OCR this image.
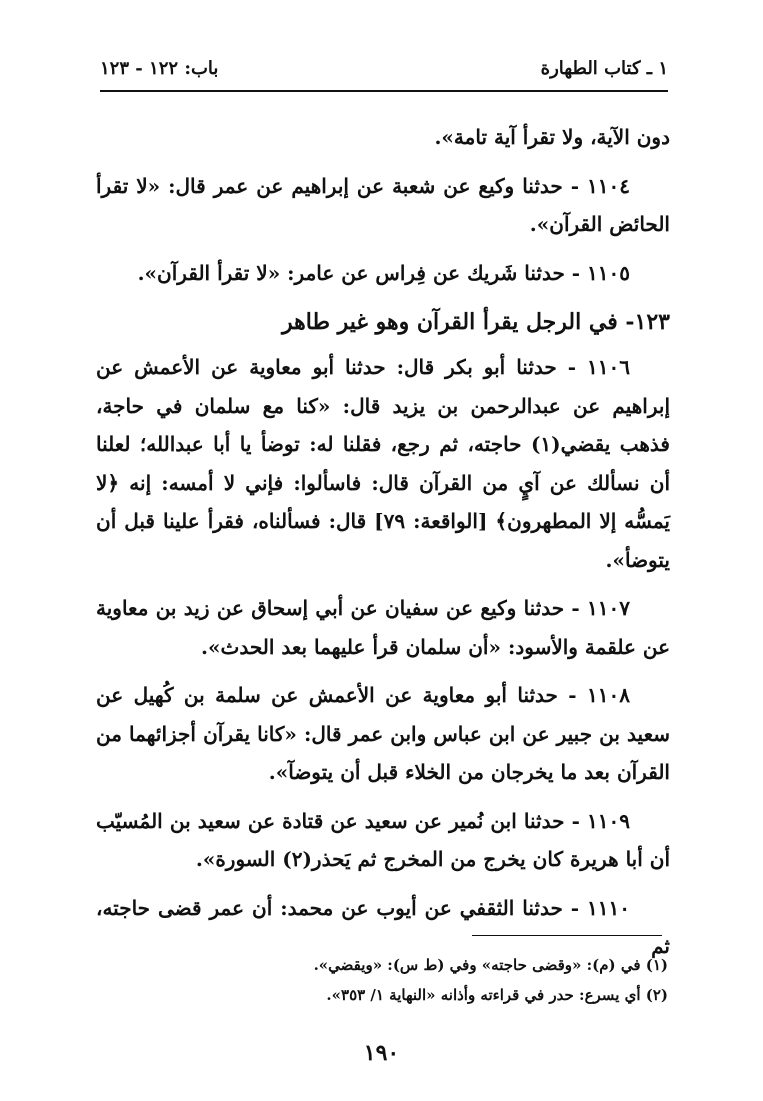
١ ـ كتاب الطهارة
باب: ١٢٢ - ١٢٣

دون الآية، ولا تقرأ آية تامة».

١١٠٤ - حدثنا وكيع عن شعبة عن إبراهيم عن عمر قال: «لا تقرأ الحائض القرآن».

١١٠٥ - حدثنا شَريك عن فِراس عن عامر: «لا تقرأ القرآن».

١٢٣- في الرجل يقرأ القرآن وهو غير طاهر

١١٠٦ - حدثنا أبو بكر قال: حدثنا أبو معاوية عن الأعمش عن إبراهيم عن عبدالرحمن بن يزيد قال: «كنا مع سلمان في حاجة، فذهب يقضي(١) حاجته، ثم رجع، فقلنا له: توضأ يا أبا عبدالله؛ لعلنا أن نسألك عن آيٍ من القرآن قال: فاسألوا: فإني لا أمسه: إنه ﴿لا يَمسُّه إلا المطهرون﴾ [الواقعة: ٧٩] قال: فسألناه، فقرأ علينا قبل أن يتوضأ».

١١٠٧ - حدثنا وكيع عن سفيان عن أبي إسحاق عن زيد بن معاوية عن علقمة والأسود: «أن سلمان قرأ عليهما بعد الحدث».

١١٠٨ - حدثنا أبو معاوية عن الأعمش عن سلمة بن كُهيل عن سعيد بن جبير عن ابن عباس وابن عمر قال: «كانا يقرآن أجزائهما من القرآن بعد ما يخرجان من الخلاء قبل أن يتوضآ».

١١٠٩ - حدثنا ابن نُمير عن سعيد عن قتادة عن سعيد بن المُسيّب أن أبا هريرة كان يخرج من المخرج ثم يَحذر(٢) السورة».

١١١٠ - حدثنا الثقفي عن أيوب عن محمد: أن عمر قضى حاجته، ثم

(١) في (م): «وقضى حاجته» وفي (ط س): «ويقضي».
(٢) أي يسرع: حدر في قراءته وأذانه «النهاية ١/ ٣٥٣».
١٩٠
